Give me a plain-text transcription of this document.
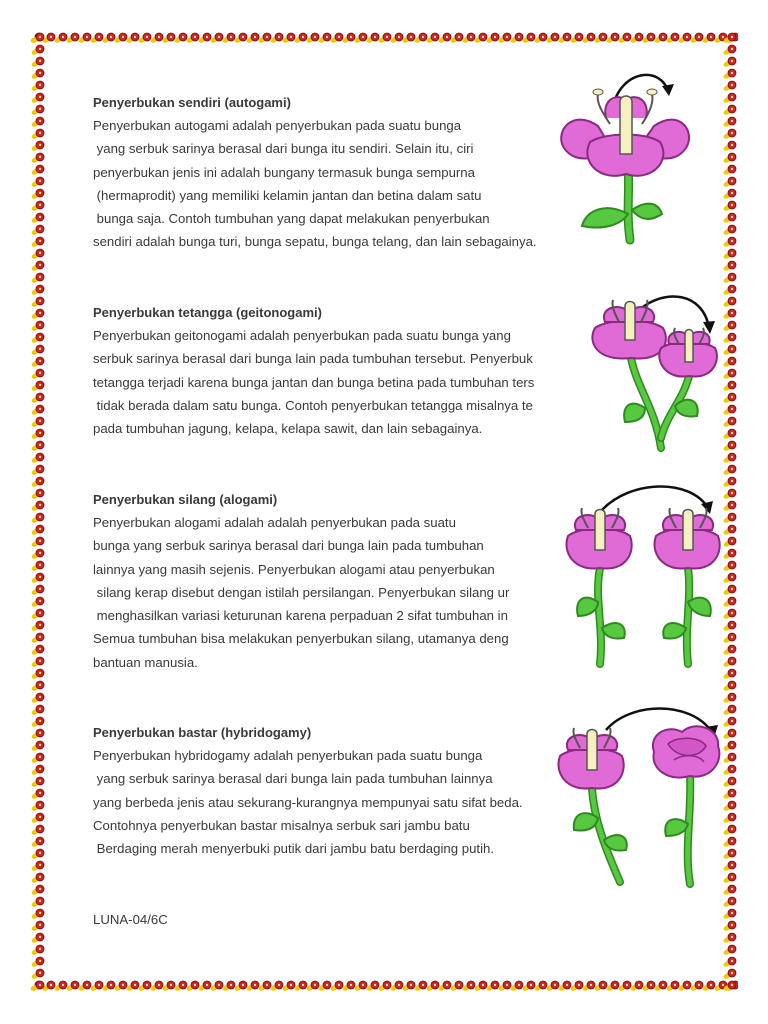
Penyerbukan sendiri (autogami)
Penyerbukan autogami adalah penyerbukan pada suatu bunga
yang serbuk sarinya berasal dari bunga itu sendiri. Selain itu, ciri
penyerbukan jenis ini adalah bungany termasuk bunga sempurna
(hermaprodit) yang memiliki kelamin jantan dan betina dalam satu
bunga saja. Contoh tumbuhan yang dapat melakukan penyerbukan
sendiri adalah bunga turi, bunga sepatu, bunga telang, dan lain sebagainya.
Penyerbukan tetangga (geitonogami)
Penyerbukan geitonogami adalah penyerbukan pada suatu bunga yang
serbuk sarinya berasal dari bunga lain pada tumbuhan tersebut. Penyerbuk
tetangga terjadi karena bunga jantan dan bunga betina pada tumbuhan ters
tidak berada dalam satu bunga. Contoh penyerbukan tetangga misalnya te
pada tumbuhan jagung, kelapa, kelapa sawit, dan lain sebagainya.
Penyerbukan silang (alogami)
Penyerbukan alogami adalah adalah penyerbukan pada suatu
bunga yang serbuk sarinya berasal dari bunga lain pada tumbuhan
lainnya yang masih sejenis. Penyerbukan alogami atau penyerbukan
silang kerap disebut dengan istilah persilangan. Penyerbukan silang ur
menghasilkan variasi keturunan karena perpaduan 2 sifat tumbuhan in
Semua tumbuhan bisa melakukan penyerbukan silang, utamanya deng
bantuan manusia.
Penyerbukan bastar (hybridogamy)
Penyerbukan hybridogamy adalah penyerbukan pada suatu bunga
yang serbuk sarinya berasal dari bunga lain pada tumbuhan lainnya
yang berbeda jenis atau sekurang-kurangnya mempunyai satu sifat beda.
Contohnya penyerbukan bastar misalnya serbuk sari jambu batu
Berdaging merah menyerbuki putik dari jambu batu berdaging putih.
LUNA-04/6C
